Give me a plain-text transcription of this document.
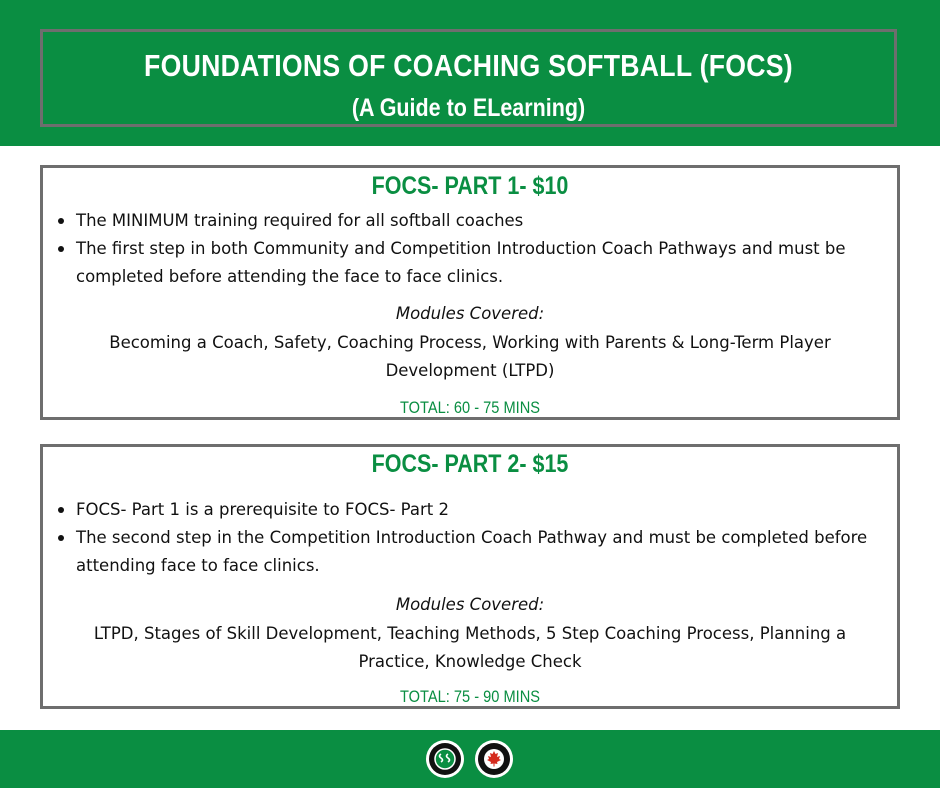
FOUNDATIONS OF COACHING SOFTBALL (FOCS)
(A Guide to ELearning)
FOCS- PART 1- $10
The MINIMUM training required for all softball coaches
The first step in both Community and Competition Introduction Coach Pathways and must be completed before attending the face to face clinics.
Modules Covered:
Becoming a Coach, Safety, Coaching Process, Working with Parents & Long-Term Player Development (LTPD)
TOTAL: 60 - 75 MINS
FOCS- PART 2- $15
FOCS- Part 1 is a prerequisite to FOCS- Part 2
The second step in the Competition Introduction Coach Pathway and must be completed before attending face to face clinics.
Modules Covered:
LTPD, Stages of Skill Development, Teaching Methods, 5 Step Coaching Process, Planning a Practice, Knowledge Check
TOTAL: 75 - 90 MINS
